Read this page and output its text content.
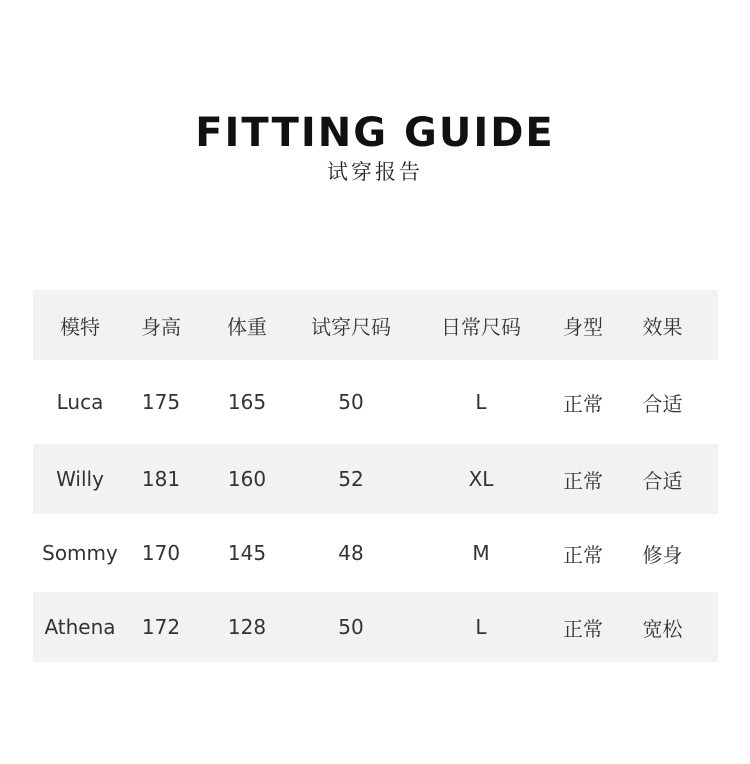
FITTING GUIDE
试穿报告
模特	身高	体重	试穿尺码	日常尺码	身型	效果
Luca	175	165	50	L	正常	合适
Willy	181	160	52	XL	正常	合适
Sommy	170	145	48	M	正常	修身
Athena	172	128	50	L	正常	宽松
